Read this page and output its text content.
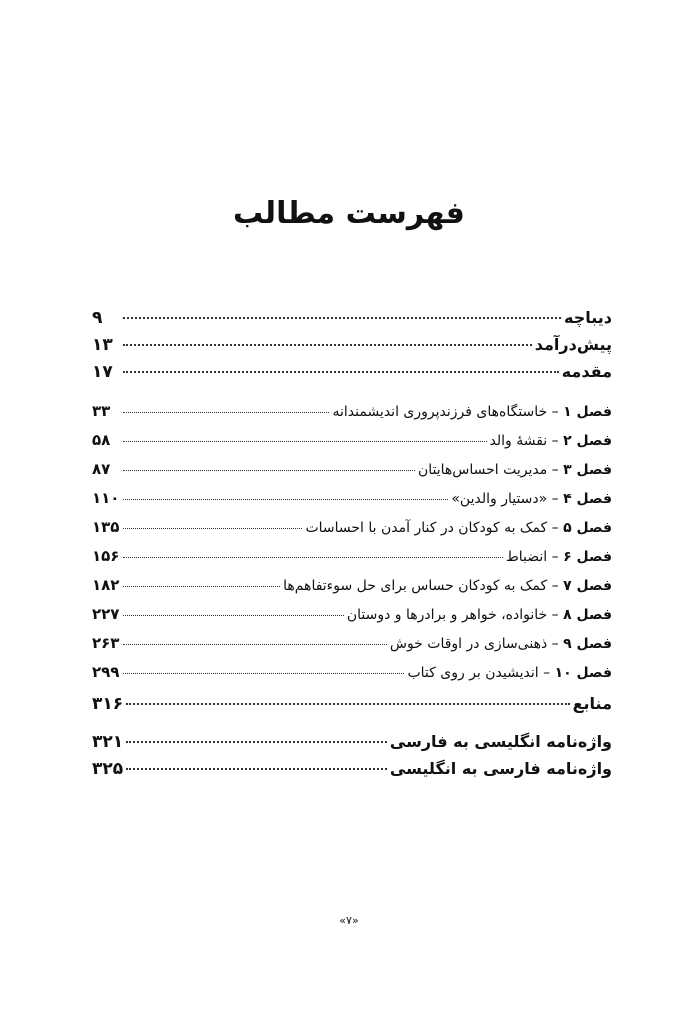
فهرست مطالب
دیباچه
۹
پیش‌درآمد
۱۳
مقدمه
۱۷
فصل ۱ – خاستگاه‌های فرزندپروری اندیشمندانه
۳۳
فصل ۲ – نقشهٔ والد
۵۸
فصل ۳ – مدیریت احساس‌هایتان
۸۷
فصل ۴ – «دستیار والدین»
۱۱۰
فصل ۵ – کمک به کودکان در کنار آمدن با احساسات
۱۳۵
فصل ۶ – انضباط
۱۵۶
فصل ۷ – کمک به کودکان حساس برای حل سوءتفاهم‌ها
۱۸۲
فصل ۸ – خانواده، خواهر و برادرها و دوستان
۲۲۷
فصل ۹ – ذهنی‌سازی در اوقات خوش
۲۶۳
فصل ۱۰ – اندیشیدن بر روی کتاب
۲۹۹
منابع
۳۱۶
واژه‌نامه انگلیسی به فارسی
۳۲۱
واژه‌نامه فارسی به انگلیسی
۳۲۵
«۷»
